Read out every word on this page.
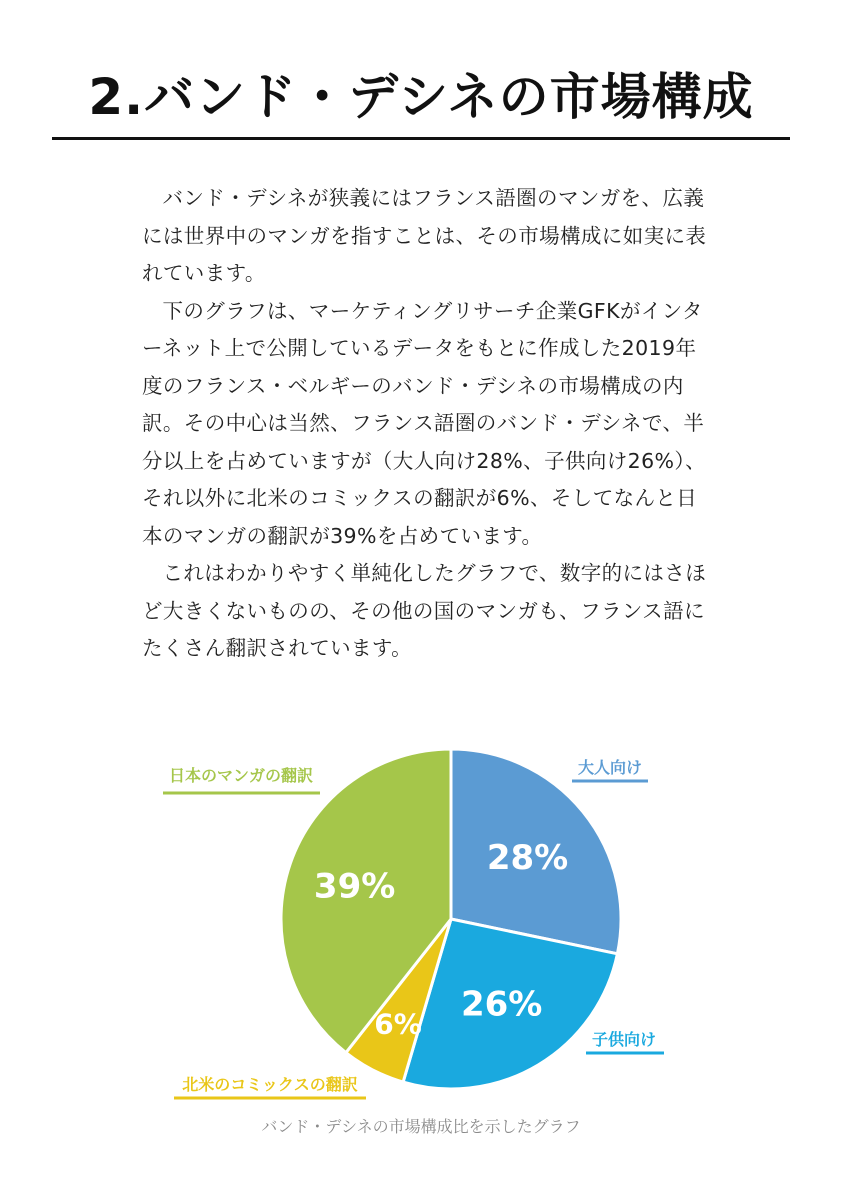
2.バンド・デシネの市場構成

バンド・デシネが狭義にはフランス語圏のマンガを、広義には世界中のマンガを指すことは、その市場構成に如実に表れています。

下のグラフは、マーケティングリサーチ企業GFKがインターネット上で公開しているデータをもとに作成した2019年度のフランス・ベルギーのバンド・デシネの市場構成の内訳。その中心は当然、フランス語圏のバンド・デシネで、半分以上を占めていますが（大人向け28%、子供向け26%）、それ以外に北米のコミックスの翻訳が6%、そしてなんと日本のマンガの翻訳が39%を占めています。

これはわかりやすく単純化したグラフで、数字的にはさほど大きくないものの、その他の国のマンガも、フランス語にたくさん翻訳されています。

28%
26%
6%
39%
大人向け
子供向け
北米のコミックスの翻訳
日本のマンガの翻訳
バンド・デシネの市場構成比を示したグラフ
